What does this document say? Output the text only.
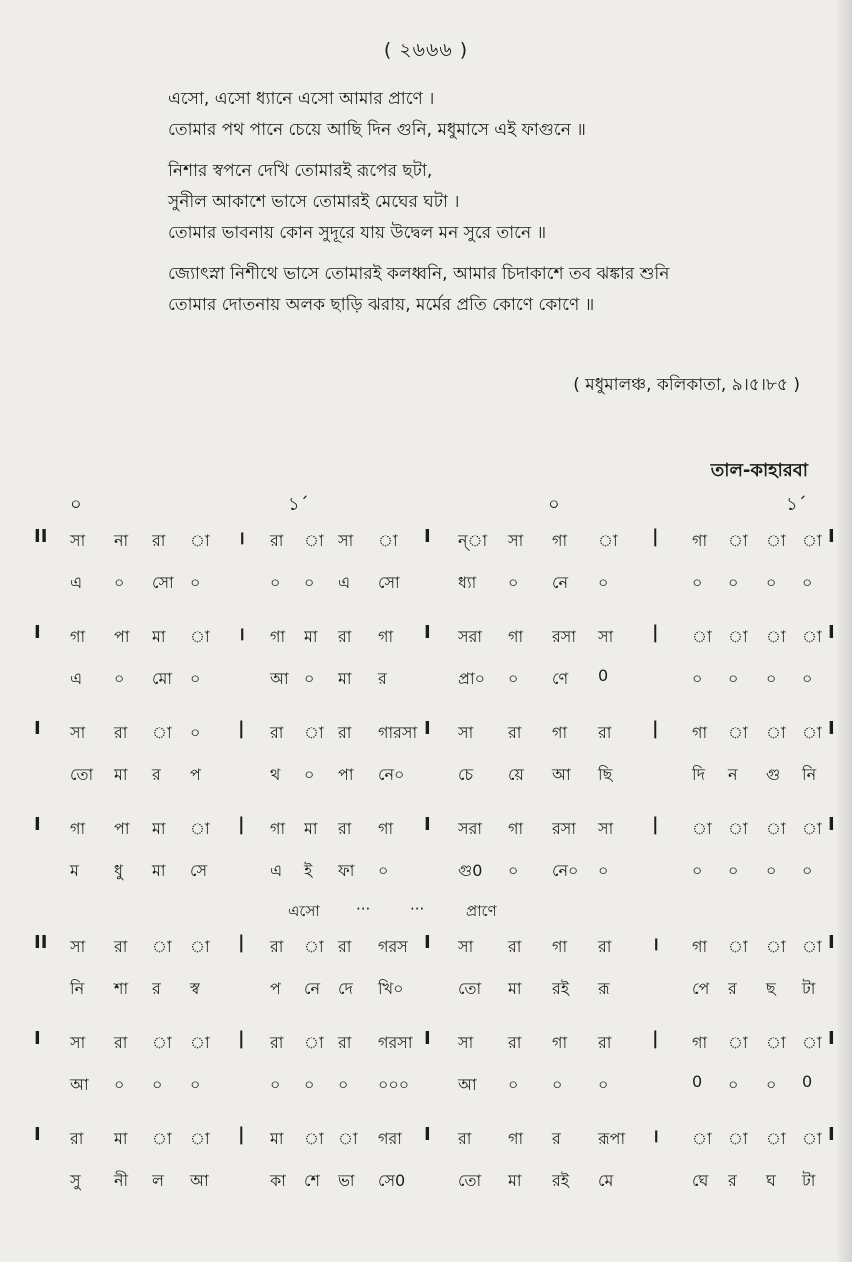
( ২৬৬৬ )
এসো, এসো ধ্যানে এসো আমার প্রাণে ।
তোমার পথ পানে চেয়ে আছি দিন গুনি, মধুমাসে এই ফাগুনে ॥
নিশার স্বপনে দেখি তোমারই রূপের ছটা,
সুনীল আকাশে ভাসে তোমারই মেঘের ঘটা ।
তোমার ভাবনায় কোন সুদূরে যায় উদ্বেল মন সুরে তানে ॥
জ্যোৎস্না নিশীথে ভাসে তোমারই কলধ্বনি, আমার চিদাকাশে তব ঝঙ্কার শুনি
তোমার দোতনায় অলক ছাড়ি ঝরায়, মর্মের প্রতি কোণে কোণে ॥
( মধুমালঞ্চ, কলিকাতা, ৯।৫।৮৫ )
তাল-কাহারবা
০	১´	০	১´
II	।	I	|	I
সা না রা া	রা া সা া	ন্‌া সা গা া	গা া া া
এ ০ সো ০	০ ০ এ সো	ধ্যা ০ নে ০	০ ০ ০ ০
I	।	I	|	I
গা পা মা া	গা মা রা গা	সরা গা রসা সা	া া া া
এ ০ মো ০	আ ০ মা র	প্রা০ ০ ণে 0	০ ০ ০ ০
I	|	I	|	I
সা রা া ০	রা া রা গারসা	সা রা গা রা	গা া া া
তো মা র প	থ ০ পা নে০	চে য়ে আ ছি	দি ন গু নি
I	|	I	|	I
গা পা মা া	গা মা রা গা	সরা গা রসা সা	া া া া
ম ধু মা সে	এ ই ফা ০	গু0 ০ নে০ ০	০ ০ ০ ০
এসো ···	···	প্রাণে
II	|	I	।	I
সা রা া া	রা া রা গরস	সা রা গা রা	গা া া া
নি শা র স্ব	প নে দে খি০	তো মা রই রূ	পে র ছ টা
I	|	I	|	I
সা রা া া	রা া রা গরসা	সা রা গা রা	গা া া া
আ ০ ০ ০	০ ০ ০ ০০০	আ ০ ০ ০	0 ০ ০ 0
I	|	I	।	I
রা মা া া	মা া া গরা	রা গা র রূপা	া া া া
সু নী ল আ	কা শে ভা সে0	তো মা রই মে	ঘে র ঘ টা
